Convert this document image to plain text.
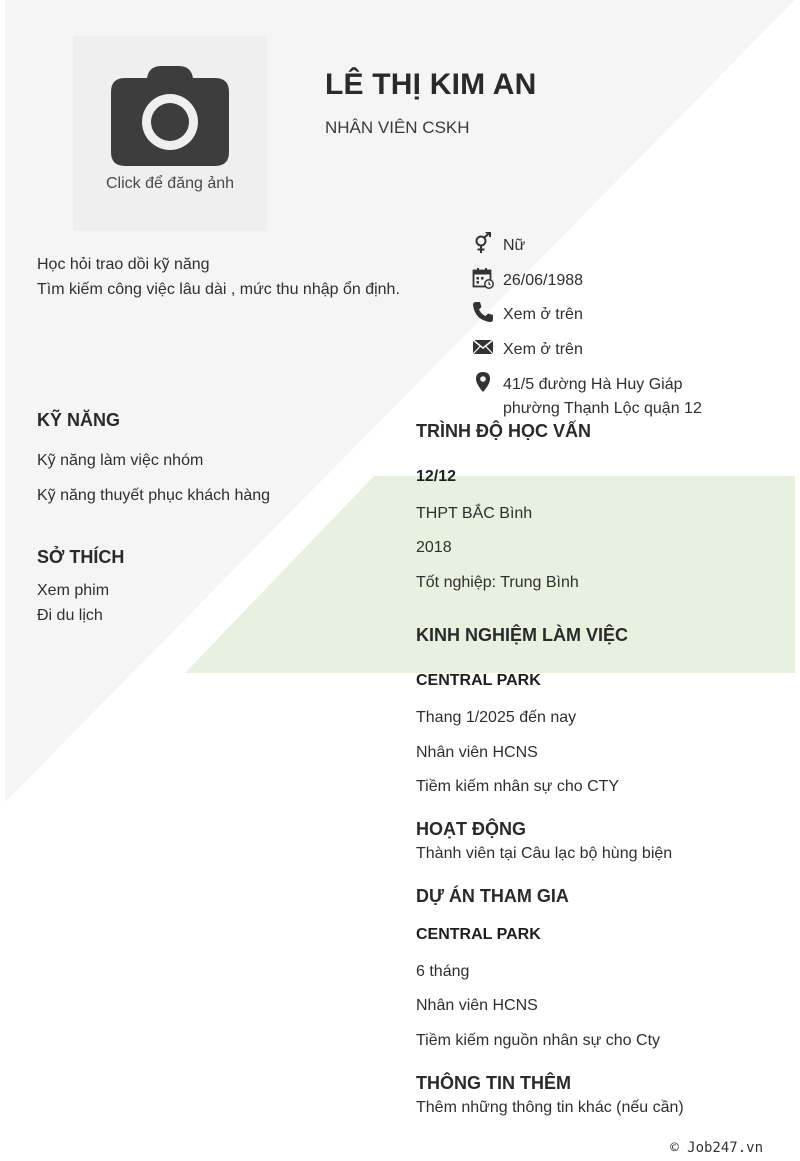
Click để đăng ảnh
LÊ THỊ KIM AN
NHÂN VIÊN CSKH
Học hỏi trao dồi kỹ năng
Tìm kiếm công việc lâu dài , mức thu nhập ổn định.
Nữ
26/06/1988
Xem ở trên
Xem ở trên
41/5 đường Hà Huy Giáp phường Thạnh Lộc quận 12
KỸ NĂNG
Kỹ năng làm việc nhóm
Kỹ năng thuyết phục khách hàng
SỞ THÍCH
Xem phim
Đi du lịch
TRÌNH ĐỘ HỌC VẤN
12/12
THPT BẮC Bình
2018
Tốt nghiệp: Trung Bình
KINH NGHIỆM LÀM VIỆC
CENTRAL PARK
Thang 1/2025 đến nay
Nhân viên HCNS
Tiềm kiếm nhân sự cho CTY
HOẠT ĐỘNG
Thành viên tại Câu lạc bộ hùng biện
DỰ ÁN THAM GIA
CENTRAL PARK
6 tháng
Nhân viên HCNS
Tiềm kiếm nguồn nhân sự cho Cty
THÔNG TIN THÊM
Thêm những thông tin khác (nếu cần)
© Job247.vn
